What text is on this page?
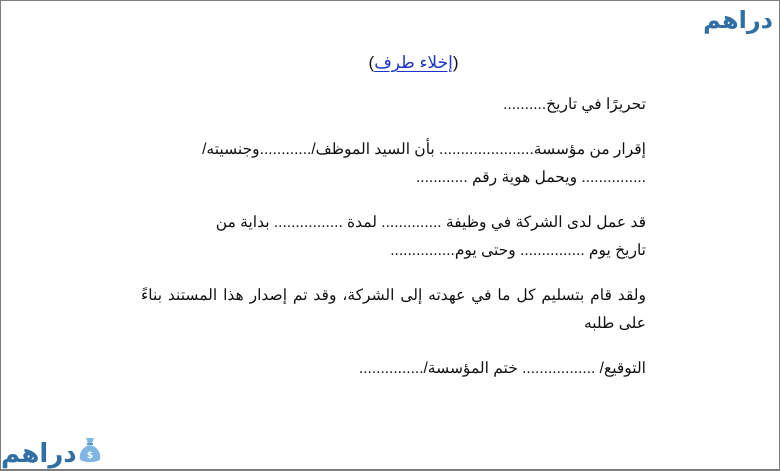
دراهم
(إخلاء طرف)

تحريرًا في تاريخ..........

إقرار من مؤسسة...................... بأن السيد الموظف/............وجنسيته/
............... ويحمل هوية رقم ............

قد عمل لدى الشركة في وظيفة .............. لمدة ................ بداية من
تاريخ يوم ............... وحتى يوم...............

ولقد قام بتسليم كل ما في عهدته إلى الشركة، وقد تم إصدار هذا المستند بناءً على طلبه

التوقيع/ ................. ختم المؤسسة/...............

$
دراهم
